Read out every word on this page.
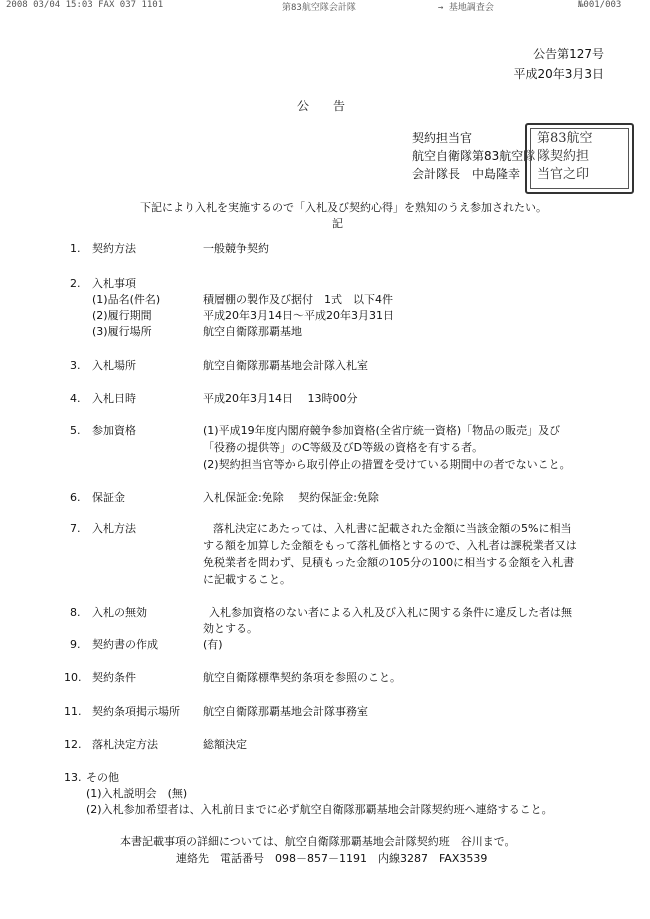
2008 03/04 15:03 FAX 037 1101	第83航空隊会計隊	→ 基地調査会	№001/003
公告第127号
平成20年3月3日
公　　告
契約担当官
航空自衛隊第83航空隊
会計隊長　中島隆幸
第83航空
隊契約担
当官之印
下記により入札を実施するので「入札及び契約心得」を熟知のうえ参加されたい。
記
1. 契約方法	一般競争契約
2. 入札事項
(1)品名(件名)	積層棚の製作及び据付　1式　以下4件
(2)履行期間	平成20年3月14日～平成20年3月31日
(3)履行場所	航空自衛隊那覇基地
3. 入札場所	航空自衛隊那覇基地会計隊入札室
4. 入札日時	平成20年3月14日　 13時00分
5. 参加資格	(1)平成19年度内閣府競争参加資格(全省庁統一資格)「物品の販売」及び
「役務の提供等」のC等級及びD等級の資格を有する者。
(2)契約担当官等から取引停止の措置を受けている期間中の者でないこと。
6. 保証金	入札保証金:免除　 契約保証金:免除
7. 入札方法	落札決定にあたっては、入札書に記載された金額に当該金額の5%に相当
する額を加算した金額をもって落札価格とするので、入札者は課税業者又は
免税業者を問わず、見積もった金額の105分の100に相当する金額を入札書
に記載すること。
8. 入札の無効	入札参加資格のない者による入札及び入札に関する条件に違反した者は無
効とする。
9. 契約書の作成	(有)
10. 契約条件	航空自衛隊標準契約条項を参照のこと。
11. 契約条項掲示場所 航空自衛隊那覇基地会計隊事務室
12. 落札決定方法	総額決定
13. その他
(1)入札説明会　(無)
(2)入札参加希望者は、入札前日までに必ず航空自衛隊那覇基地会計隊契約班へ連絡すること。
本書記載事項の詳細については、航空自衛隊那覇基地会計隊契約班　谷川まで。
連絡先　電話番号　098－857－1191　内線3287　FAX3539
